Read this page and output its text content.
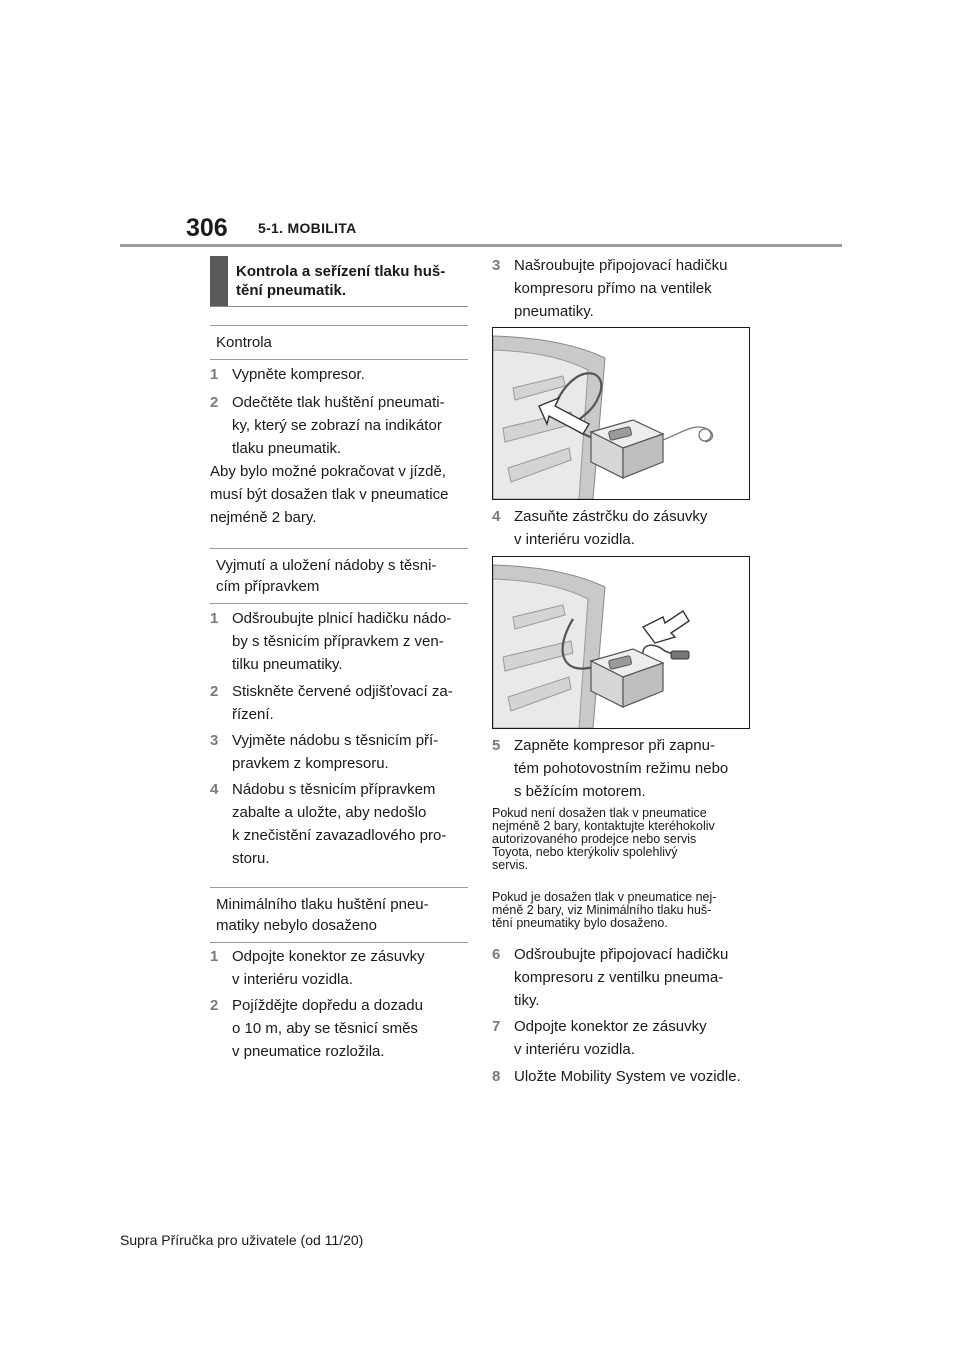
306 5-1. MOBILITA
Kontrola a seřízení tlaku huš-
tění pneumatik.
Kontrola
1 Vypněte kompresor.
2 Odečtěte tlak huštění pneumati-
ky, který se zobrazí na indikátor
tlaku pneumatik.
Aby bylo možné pokračovat v jízdě,
musí být dosažen tlak v pneumatice
nejméně 2 bary.
Vyjmutí a uložení nádoby s těsni-
cím přípravkem
1 Odšroubujte plnicí hadičku nádo-
by s těsnicím přípravkem z ven-
tilku pneumatiky.
2 Stiskněte červené odjišťovací za-
řízení.
3 Vyjměte nádobu s těsnicím pří-
pravkem z kompresoru.
4 Nádobu s těsnicím přípravkem
zabalte a uložte, aby nedošlo
k znečistění zavazadlového pro-
storu.
Minimálního tlaku huštění pneu-
matiky nebylo dosaženo
1 Odpojte konektor ze zásuvky
v interiéru vozidla.
2 Pojíždějte dopředu a dozadu
o 10 m, aby se těsnicí směs
v pneumatice rozložila.
3 Našroubujte připojovací hadičku
kompresoru přímo na ventilek
pneumatiky.
4 Zasuňte zástrčku do zásuvky
v interiéru vozidla.
5 Zapněte kompresor při zapnu-
tém pohotovostním režimu nebo
s běžícím motorem.
Pokud není dosažen tlak v pneumatice
nejméně 2 bary, kontaktujte kteréhokoliv
autorizovaného prodejce nebo servis
Toyota, nebo kterýkoliv spolehlivý
servis.
Pokud je dosažen tlak v pneumatice nej-
méně 2 bary, viz Minimálního tlaku huš-
tění pneumatiky bylo dosaženo.
6 Odšroubujte připojovací hadičku
kompresoru z ventilku pneuma-
tiky.
7 Odpojte konektor ze zásuvky
v interiéru vozidla.
8 Uložte Mobility System ve vozidle.
Supra Příručka pro uživatele (od 11/20)
